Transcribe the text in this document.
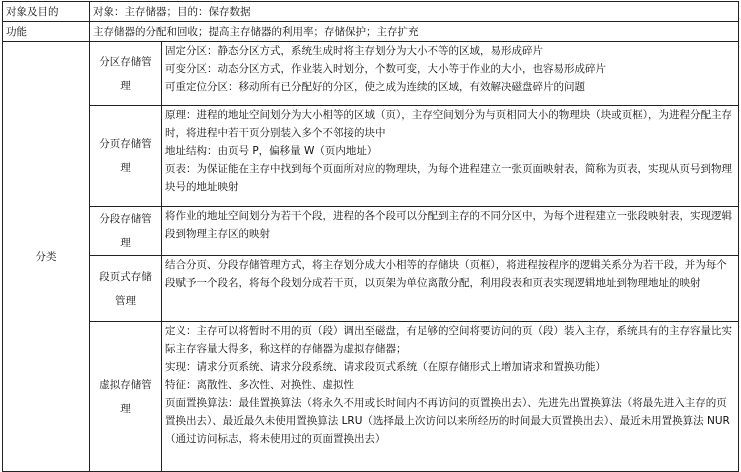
对象及目的	对象：主存储器；目的：保存数据	
功能	主存储器的分配和回收；提高主存储器的利用率；存储保护；主存扩充	
分类	分区存储管理	固定分区：静态分区方式，系统生成时将主存划分为大小不等的区域，易形成碎片
可变分区：动态分区方式，作业装入时划分，个数可变，大小等于作业的大小，也容易形成碎片
可重定位分区：移动所有已分配好的分区，使之成为连续的区域，有效解决磁盘碎片的问题

	分页存储管理	原理：进程的地址空间划分为大小相等的区域（页），主存空间划分为与页相同大小的物理块（块或页框），为进程分配主存时，将进程中若干页分别装入多个不邻接的块中
地址结构：由页号 P，偏移量 W（页内地址）
页表：为保证能在主存中找到每个页面所对应的物理块，为每个进程建立一张页面映射表，简称为页表，实现从页号到物理块号的地址映射

	分段存储管理	将作业的地址空间划分为若干个段，进程的各个段可以分配到主存的不同分区中，为每个进程建立一张段映射表，实现逻辑段到物理主存区的映射

	段页式存储管理	结合分页、分段存储管理方式，将主存划分成大小相等的存储块（页框），将进程按程序的逻辑关系分为若干段，并为每个段赋予一个段名，将每个段划分成若干页，以页架为单位离散分配，利用段表和页表实现逻辑地址到物理地址的映射

	虚拟存储管理	定义：主存可以将暂时不用的页（段）调出至磁盘，有足够的空间将要访问的页（段）装入主存，系统具有的主存容量比实际主存容量大得多，称这样的存储器为虚拟存储器；
实现：请求分页系统、请求分段系统、请求段页式系统（在原存储形式上增加请求和置换功能）
特征：离散性、多次性、对换性、虚拟性
页面置换算法：最佳置换算法（将永久不用或长时间内不再访问的页置换出去）、先进先出置换算法（将最先进入主存的页置换出去）、最近最久未使用置换算法 LRU（选择最上次访问以来所经历的时间最大页置换出去）、最近未用置换算法 NUR（通过访问标志，将未使用过的页面置换出去）
